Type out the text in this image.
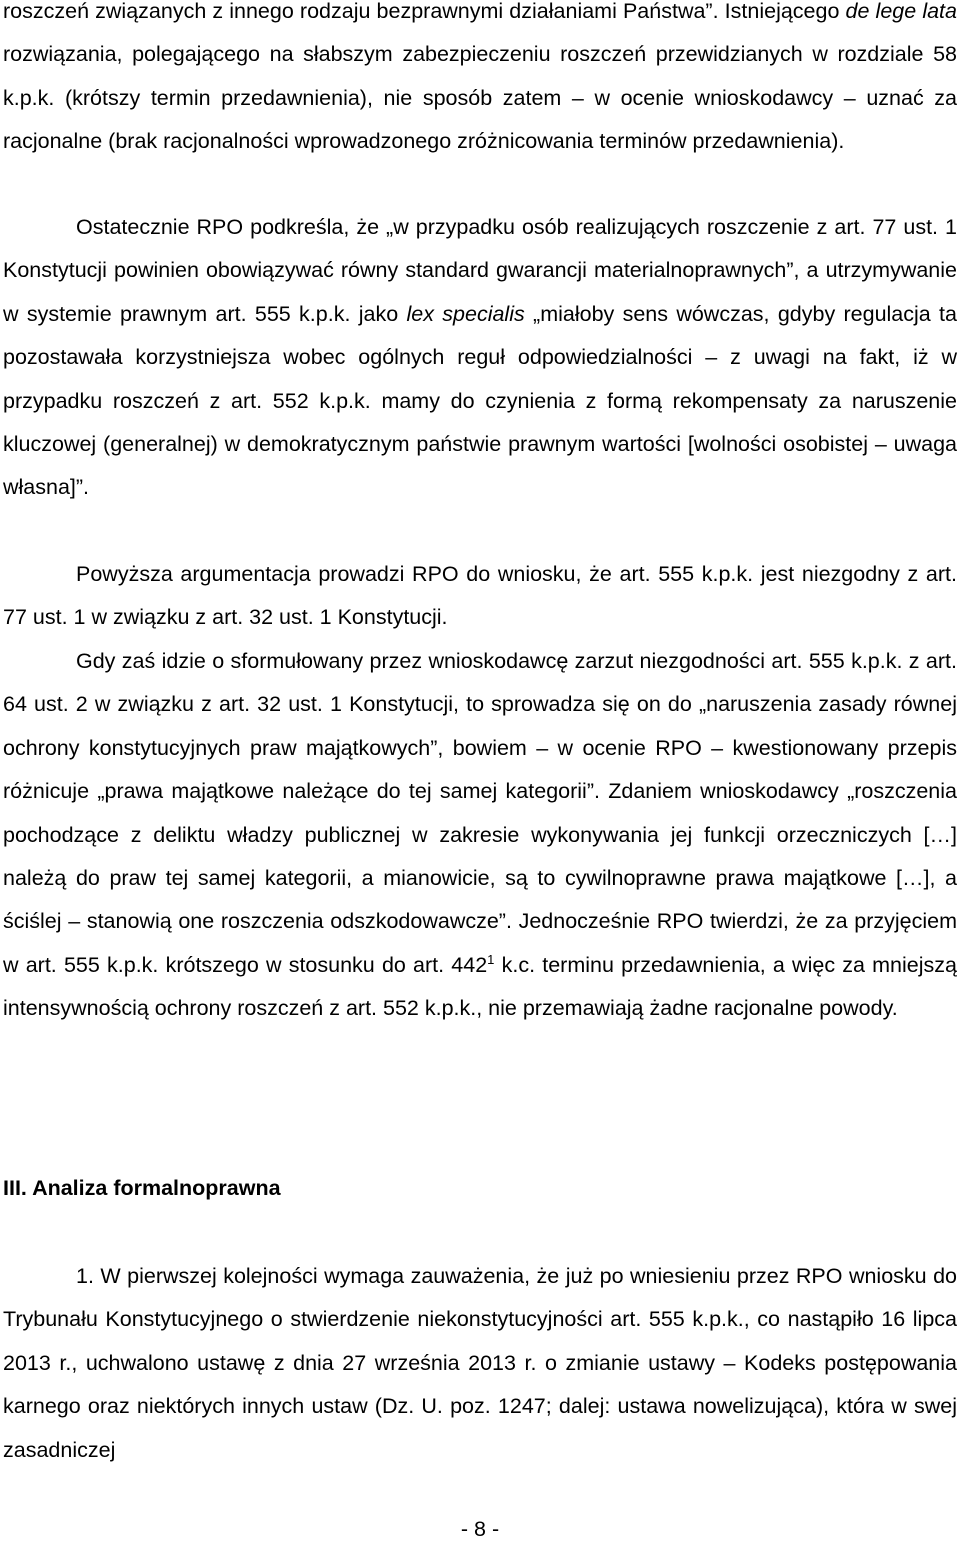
roszczeń związanych z innego rodzaju bezprawnymi działaniami Państwa”. Istniejącego de lege lata rozwiązania, polegającego na słabszym zabezpieczeniu roszczeń przewidzianych w rozdziale 58 k.p.k. (krótszy termin przedawnienia), nie sposób zatem – w ocenie wnioskodawcy – uznać za racjonalne (brak racjonalności wprowadzonego zróżnicowania terminów przedawnienia).

Ostatecznie RPO podkreśla, że „w przypadku osób realizujących roszczenie z art. 77 ust. 1 Konstytucji powinien obowiązywać równy standard gwarancji materialnoprawnych”, a utrzymywanie w systemie prawnym art. 555 k.p.k. jako lex specialis „miałoby sens wówczas, gdyby regulacja ta pozostawała korzystniejsza wobec ogólnych reguł odpowiedzialności – z uwagi na fakt, iż w przypadku roszczeń z art. 552 k.p.k. mamy do czynienia z formą rekompensaty za naruszenie kluczowej (generalnej) w demokratycznym państwie prawnym wartości [wolności osobistej – uwaga własna]”.

Powyższa argumentacja prowadzi RPO do wniosku, że art. 555 k.p.k. jest niezgodny z art. 77 ust. 1 w związku z art. 32 ust. 1 Konstytucji.

Gdy zaś idzie o sformułowany przez wnioskodawcę zarzut niezgodności art. 555 k.p.k. z art. 64 ust. 2 w związku z art. 32 ust. 1 Konstytucji, to sprowadza się on do „naruszenia zasady równej ochrony konstytucyjnych praw majątkowych”, bowiem – w ocenie RPO – kwestionowany przepis różnicuje „prawa majątkowe należące do tej samej kategorii”. Zdaniem wnioskodawcy „roszczenia pochodzące z deliktu władzy publicznej w zakresie wykonywania jej funkcji orzeczniczych […] należą do praw tej samej kategorii, a mianowicie, są to cywilnoprawne prawa majątkowe […], a ściślej – stanowią one roszczenia odszkodowawcze”. Jednocześnie RPO twierdzi, że za przyjęciem w art. 555 k.p.k. krótszego w stosunku do art. $442^1$ k.c. terminu przedawnienia, a więc za mniejszą intensywnością ochrony roszczeń z art. 552 k.p.k., nie przemawiają żadne racjonalne powody.

III. Analiza formalnoprawna

1. W pierwszej kolejności wymaga zauważenia, że już po wniesieniu przez RPO wniosku do Trybunału Konstytucyjnego o stwierdzenie niekonstytucyjności art. 555 k.p.k., co nastąpiło 16 lipca 2013 r., uchwalono ustawę z dnia 27 września 2013 r. o zmianie ustawy – Kodeks postępowania karnego oraz niektórych innych ustaw (Dz. U. poz. 1247; dalej: ustawa nowelizująca), która w swej zasadniczej

- 8 -
